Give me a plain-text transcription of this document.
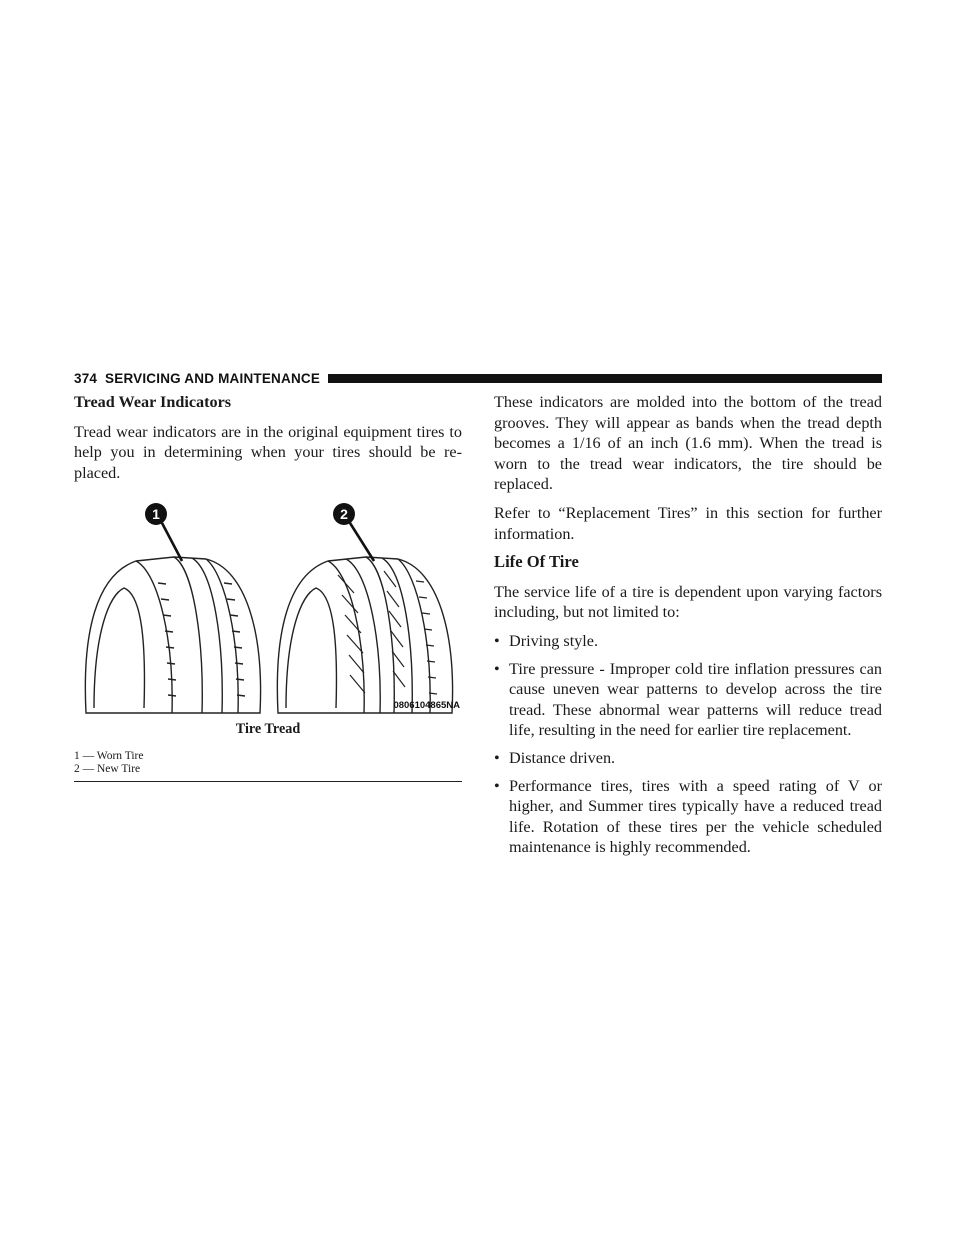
374 SERVICING AND MAINTENANCE
Tread Wear Indicators

Tread wear indicators are in the original equipment tires to help you in determining when your tires should be re- placed.

1	2
0806104865NA
Tire Tread
1 — Worn Tire
2 — New Tire

These indicators are molded into the bottom of the tread grooves. They will appear as bands when the tread depth becomes a 1/16 of an inch (1.6 mm). When the tread is worn to the tread wear indicators, the tire should be replaced.

Refer to “Replacement Tires” in this section for further information.

Life Of Tire

The service life of a tire is dependent upon varying factors including, but not limited to:

• Driving style.
• Tire pressure - Improper cold tire inflation pressures can cause uneven wear patterns to develop across the tire tread. These abnormal wear patterns will reduce tread life, resulting in the need for earlier tire replacement.
• Distance driven.
• Performance tires, tires with a speed rating of V or higher, and Summer tires typically have a reduced tread life. Rotation of these tires per the vehicle scheduled maintenance is highly recommended.
